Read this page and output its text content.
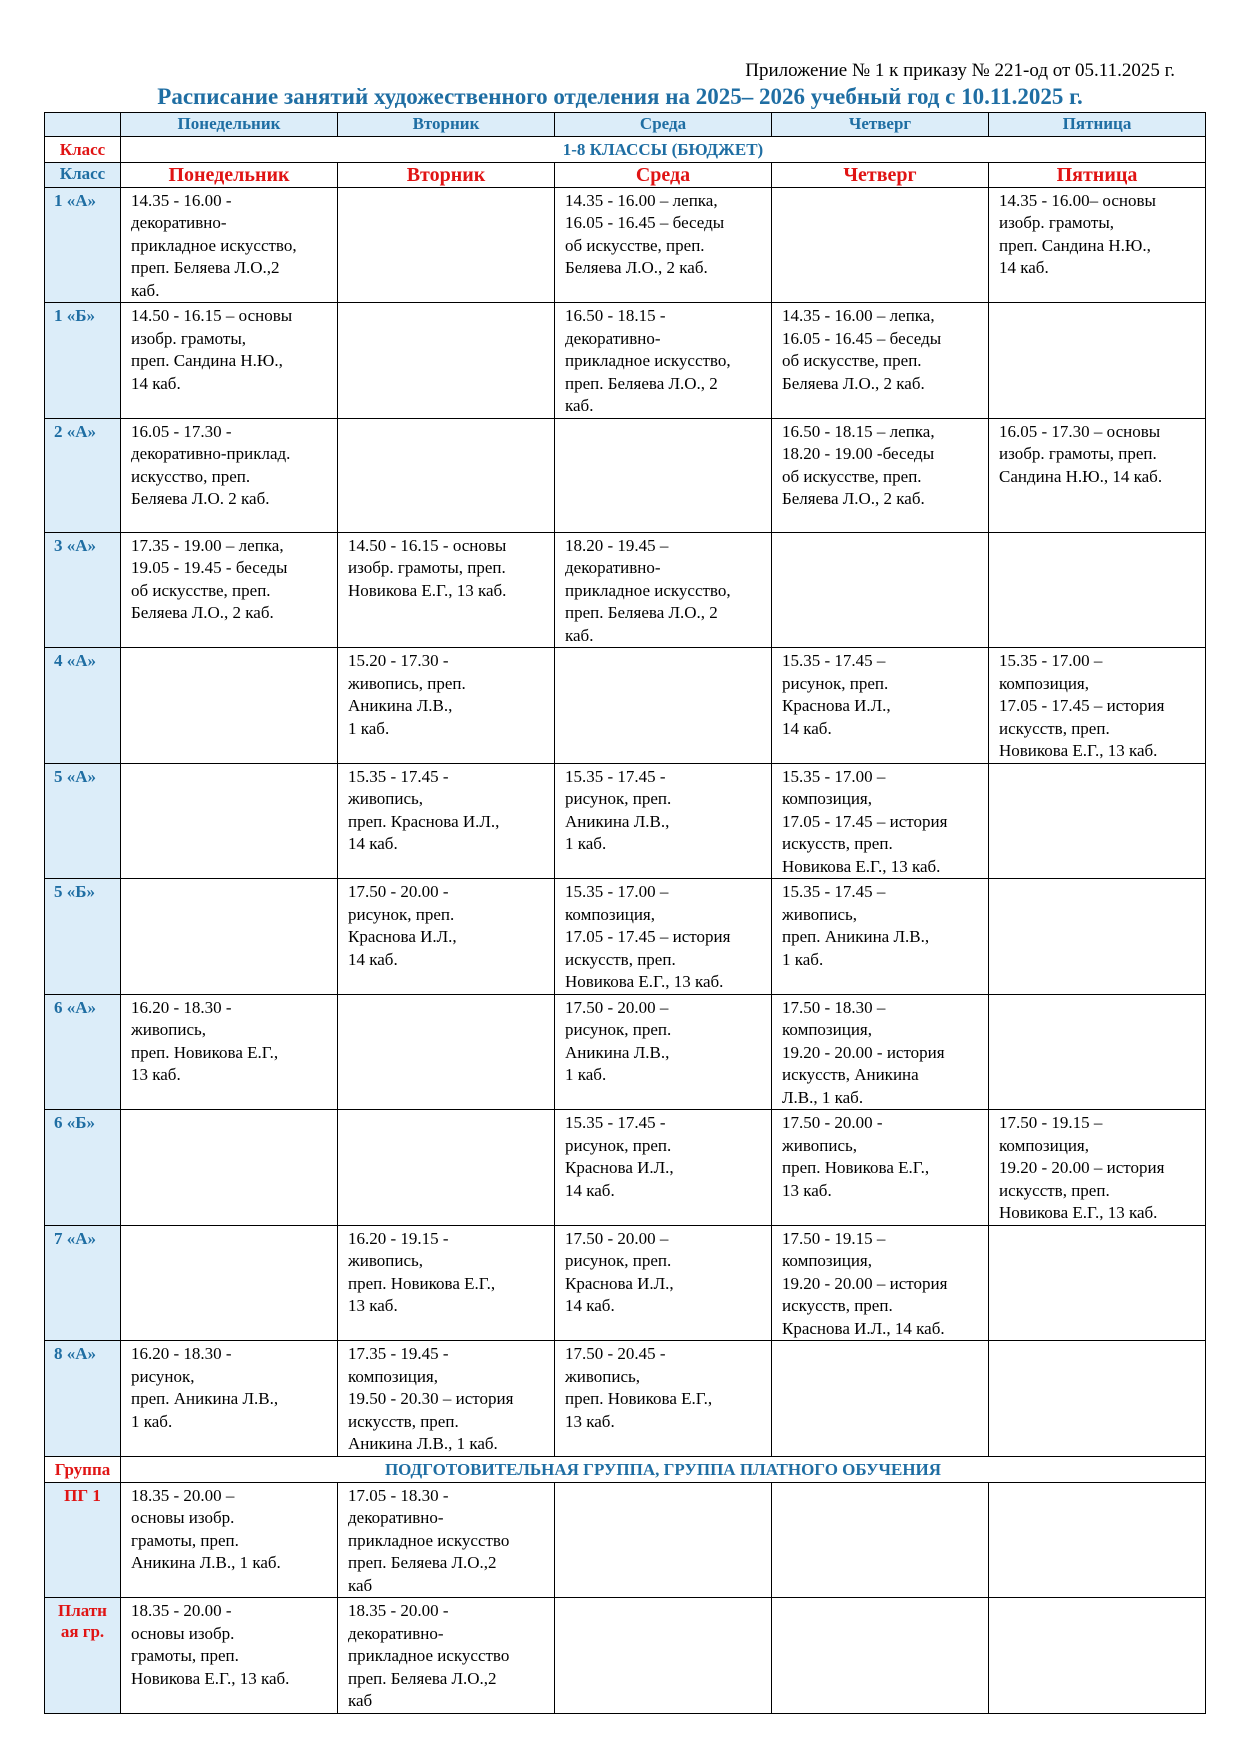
Приложение № 1 к приказу № 221-од от 05.11.2025 г.
Расписание занятий художественного отделения на 2025– 2026 учебный год с 10.11.2025 г.
	Понедельник	Вторник	Среда	Четверг	Пятница
Класс	1-8 КЛАССЫ (БЮДЖЕТ)				
Класс	Понедельник	Вторник	Среда	Четверг	Пятница
1 «А»	14.35 - 16.00 -
декоративно-
прикладное искусство,
преп. Беляева Л.О.,2
каб.		14.35 - 16.00 – лепка,
16.05 - 16.45 – беседы
об искусстве, преп.
Беляева Л.О., 2 каб.		14.35 - 16.00– основы
изобр. грамоты,
преп. Сандина Н.Ю.,
14 каб.
1 «Б»	14.50 - 16.15 – основы
изобр. грамоты,
преп. Сандина Н.Ю.,
14 каб.		16.50 - 18.15 -
декоративно-
прикладное искусство,
преп. Беляева Л.О., 2
каб.	14.35 - 16.00 – лепка,
16.05 - 16.45 – беседы
об искусстве, преп.
Беляева Л.О., 2 каб.	
2 «А»	16.05 - 17.30 -
декоративно-приклад.
искусство, преп.
Беляева Л.О. 2 каб.			16.50 - 18.15 – лепка,
18.20 - 19.00 -беседы
об искусстве, преп.
Беляева Л.О., 2 каб.	16.05 - 17.30 – основы
изобр. грамоты, преп.
Сандина Н.Ю., 14 каб.
3 «А»	17.35 - 19.00 – лепка,
19.05 - 19.45 - беседы
об искусстве, преп.
Беляева Л.О., 2 каб.	14.50 - 16.15 - основы
изобр. грамоты, преп.
Новикова Е.Г., 13 каб.	18.20 - 19.45 –
декоративно-
прикладное искусство,
преп. Беляева Л.О., 2
каб.		
4 «А»		15.20 - 17.30 -
живопись, преп.
Аникина Л.В.,
1 каб.		15.35 - 17.45 –
рисунок, преп.
Краснова И.Л.,
14 каб.	15.35 - 17.00 –
композиция,
17.05 - 17.45 – история
искусств, преп.
Новикова Е.Г., 13 каб.
5 «А»		15.35 - 17.45 -
живопись,
преп. Краснова И.Л.,
14 каб.	15.35 - 17.45 -
рисунок, преп.
Аникина Л.В.,
1 каб.	15.35 - 17.00 –
композиция,
17.05 - 17.45 – история
искусств, преп.
Новикова Е.Г., 13 каб.	
5 «Б»		17.50 - 20.00 -
рисунок, преп.
Краснова И.Л.,
14 каб.	15.35 - 17.00 –
композиция,
17.05 - 17.45 – история
искусств, преп.
Новикова Е.Г., 13 каб.	15.35 - 17.45 –
живопись,
преп. Аникина Л.В.,
1 каб.	
6 «А»	16.20 - 18.30 -
живопись,
преп. Новикова Е.Г.,
13 каб.		17.50 - 20.00 –
рисунок, преп.
Аникина Л.В.,
1 каб.	17.50 - 18.30 –
композиция,
19.20 - 20.00 - история
искусств, Аникина
Л.В., 1 каб.	
6 «Б»			15.35 - 17.45 -
рисунок, преп.
Краснова И.Л.,
14 каб.	17.50 - 20.00 -
живопись,
преп. Новикова Е.Г.,
13 каб.	17.50 - 19.15 –
композиция,
19.20 - 20.00 – история
искусств, преп.
Новикова Е.Г., 13 каб.
7 «А»		16.20 - 19.15 -
живопись,
преп. Новикова Е.Г.,
13 каб.	17.50 - 20.00 –
рисунок, преп.
Краснова И.Л.,
14 каб.	17.50 - 19.15 –
композиция,
19.20 - 20.00 – история
искусств, преп.
Краснова И.Л., 14 каб.	
8 «А»	16.20 - 18.30 -
рисунок,
преп. Аникина Л.В.,
1 каб.	17.35 - 19.45 -
композиция,
19.50 - 20.30 – история
искусств, преп.
Аникина Л.В., 1 каб.	17.50 - 20.45 -
живопись,
преп. Новикова Е.Г.,
13 каб.		
Группа	ПОДГОТОВИТЕЛЬНАЯ ГРУППА, ГРУППА ПЛАТНОГО ОБУЧЕНИЯ				
ПГ 1	18.35 - 20.00 –
основы изобр.
грамоты, преп.
Аникина Л.В., 1 каб.	17.05 - 18.30 -
декоративно-
прикладное искусство
преп. Беляева Л.О.,2
каб			
Платн
ая гр.	18.35 - 20.00 -
основы изобр.
грамоты, преп.
Новикова Е.Г., 13 каб.	18.35 - 20.00 -
декоративно-
прикладное искусство
преп. Беляева Л.О.,2
каб			
